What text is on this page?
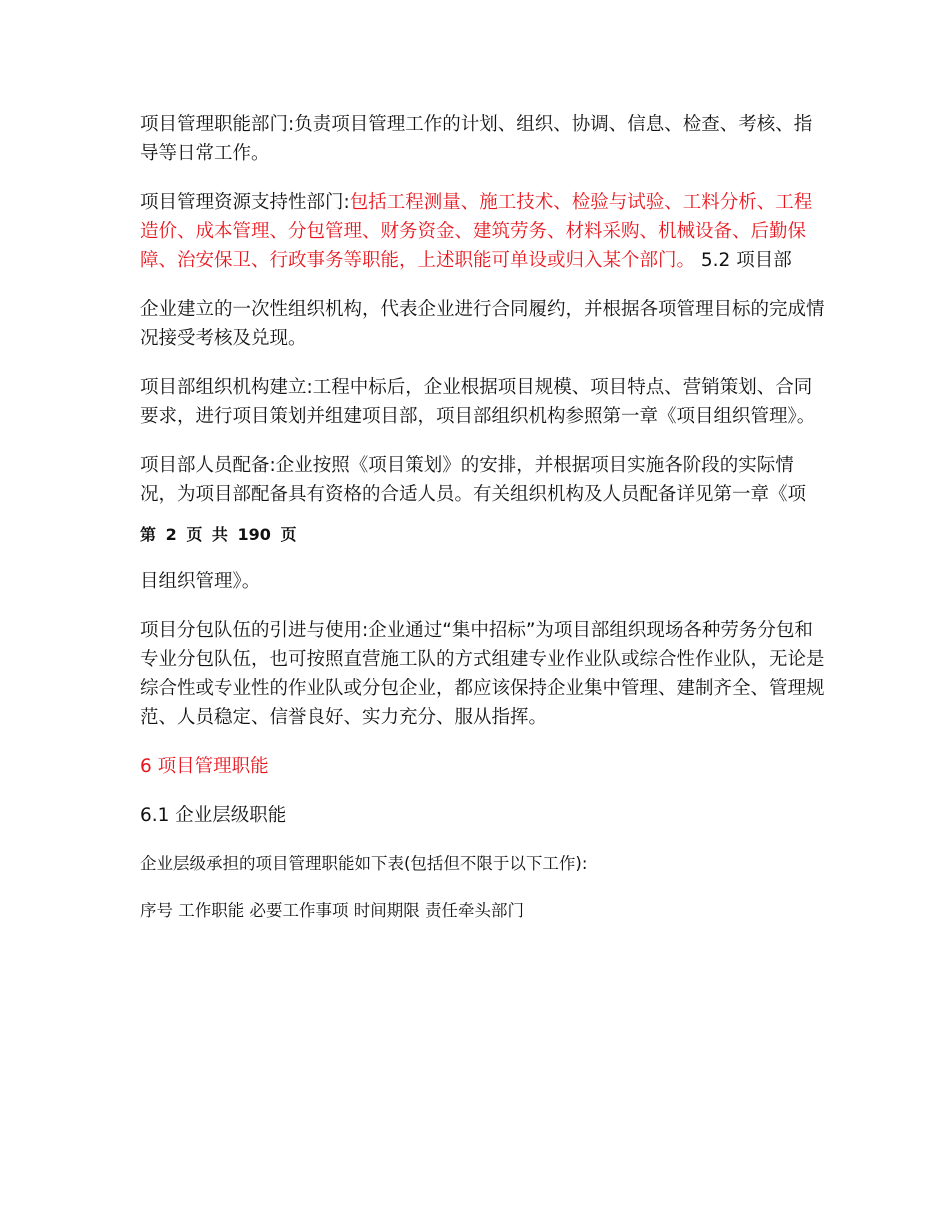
项目管理职能部门:负责项目管理工作的计划、组织、协调、信息、检查、考核、指导等日常工作。

项目管理资源支持性部门:包括工程测量、施工技术、检验与试验、工料分析、工程造价、成本管理、分包管理、财务资金、建筑劳务、材料采购、机械设备、后勤保障、治安保卫、行政事务等职能，上述职能可单设或归入某个部门。 5.2 项目部

企业建立的一次性组织机构，代表企业进行合同履约，并根据各项管理目标的完成情况接受考核及兑现。

项目部组织机构建立:工程中标后，企业根据项目规模、项目特点、营销策划、合同要求，进行项目策划并组建项目部，项目部组织机构参照第一章《项目组织管理》。

项目部人员配备:企业按照《项目策划》的安排，并根据项目实施各阶段的实际情况，为项目部配备具有资格的合适人员。有关组织机构及人员配备详见第一章《项

第 2 页 共 190 页

目组织管理》。

项目分包队伍的引进与使用:企业通过“集中招标”为项目部组织现场各种劳务分包和专业分包队伍，也可按照直营施工队的方式组建专业作业队或综合性作业队，无论是综合性或专业性的作业队或分包企业，都应该保持企业集中管理、建制齐全、管理规范、人员稳定、信誉良好、实力充分、服从指挥。

6 项目管理职能

6.1 企业层级职能

企业层级承担的项目管理职能如下表(包括但不限于以下工作):

序号 工作职能 必要工作事项 时间期限 责任牵头部门
